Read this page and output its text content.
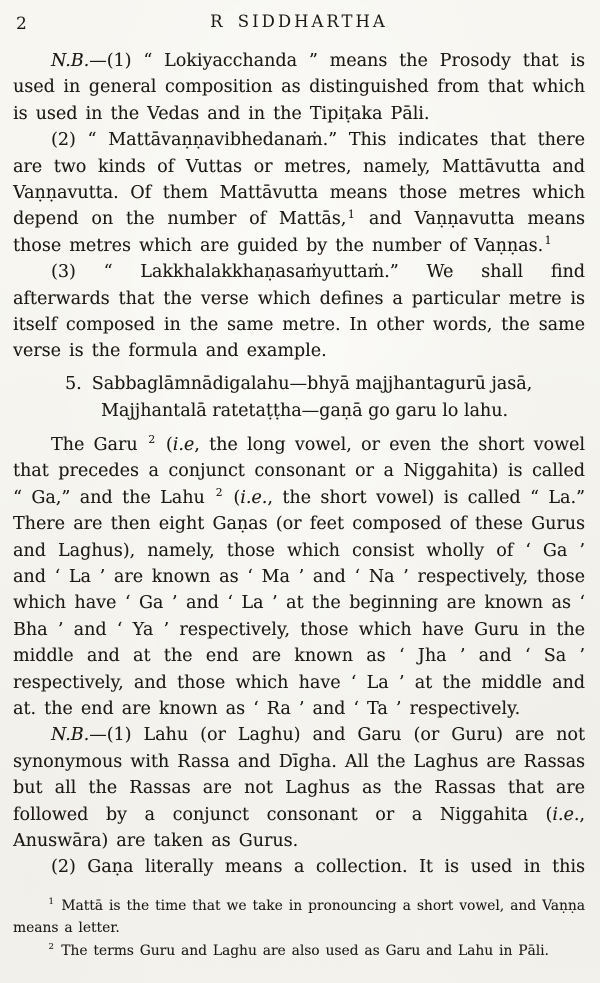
2	R SIDDHARTHA

N.B.—(1) “ Lokiyacchanda ” means the Prosody that is used in general composition as distinguished from that which is used in the Vedas and in the Tipiṭaka Pāli.

(2) “ Mattāvaṇṇavibhedanaṁ.” This indicates that there are two kinds of Vuttas or metres, namely, Mattāvutta and Vaṇṇavutta. Of them Mattāvutta means those metres which depend on the number of Mattās, $^1$ and Vaṇṇavutta means those metres which are guided by the number of Vaṇṇas. $^1$

(3) “ Lakkhalakkhaṇasaṁyuttaṁ.” We shall find afterwards that the verse which defines a particular metre is itself composed in the same metre. In other words, the same verse is the formula and example.

5. Sabbaglāmnādigalahu—bhyā majjhantagurū jasā,
Majjhantalā ratetaṭṭha—gaṇā go garu lo lahu.

The Garu $^2$ (i.e, the long vowel, or even the short vowel that precedes a conjunct consonant or a Niggahita) is called “ Ga,” and the Lahu $^2$ (i.e., the short vowel) is called “ La.” There are then eight Gaṇas (or feet composed of these Gurus and Laghus), namely, those which consist wholly of ‘ Ga ’ and ‘ La ’ are known as ‘ Ma ’ and ‘ Na ’ respectively, those which have ‘ Ga ’ and ‘ La ’ at the beginning are known as ‘ Bha ’ and ‘ Ya ’ respectively, those which have Guru in the middle and at the end are known as ‘ Jha ’ and ‘ Sa ’ respectively, and those which have ‘ La ’ at the middle and at. the end are known as ‘ Ra ’ and ‘ Ta ’ respectively.

N.B.—(1) Lahu (or Laghu) and Garu (or Guru) are not synonymous with Rassa and Dīgha. All the Laghus are Rassas but all the Rassas are not Laghus as the Rassas that are followed by a conjunct consonant or a Niggahita (i.e., Anuswāra) are taken as Gurus.

(2) Gaṇa literally means a collection. It is used in this

$^1$ Mattā is the time that we take in pronouncing a short vowel, and Vaṇṇa means a letter.

$^2$ The terms Guru and Laghu are also used as Garu and Lahu in Pāli.
